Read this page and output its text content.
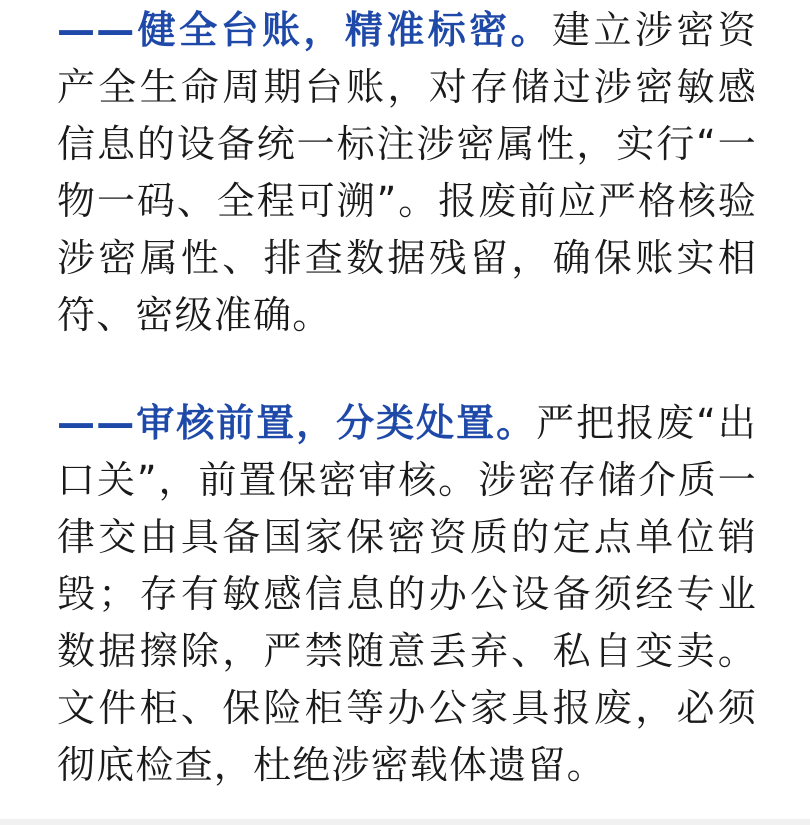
——健全台账，精准标密。建立涉密资产全生命周期台账，对存储过涉密敏感信息的设备统一标注涉密属性，实行“一物一码、全程可溯”。报废前应严格核验涉密属性、排查数据残留，确保账实相符、密级准确。

——审核前置，分类处置。严把报废“出口关”，前置保密审核。涉密存储介质一律交由具备国家保密资质的定点单位销毁；存有敏感信息的办公设备须经专业数据擦除，严禁随意丢弃、私自变卖。文件柜、保险柜等办公家具报废，必须彻底检查，杜绝涉密载体遗留。
